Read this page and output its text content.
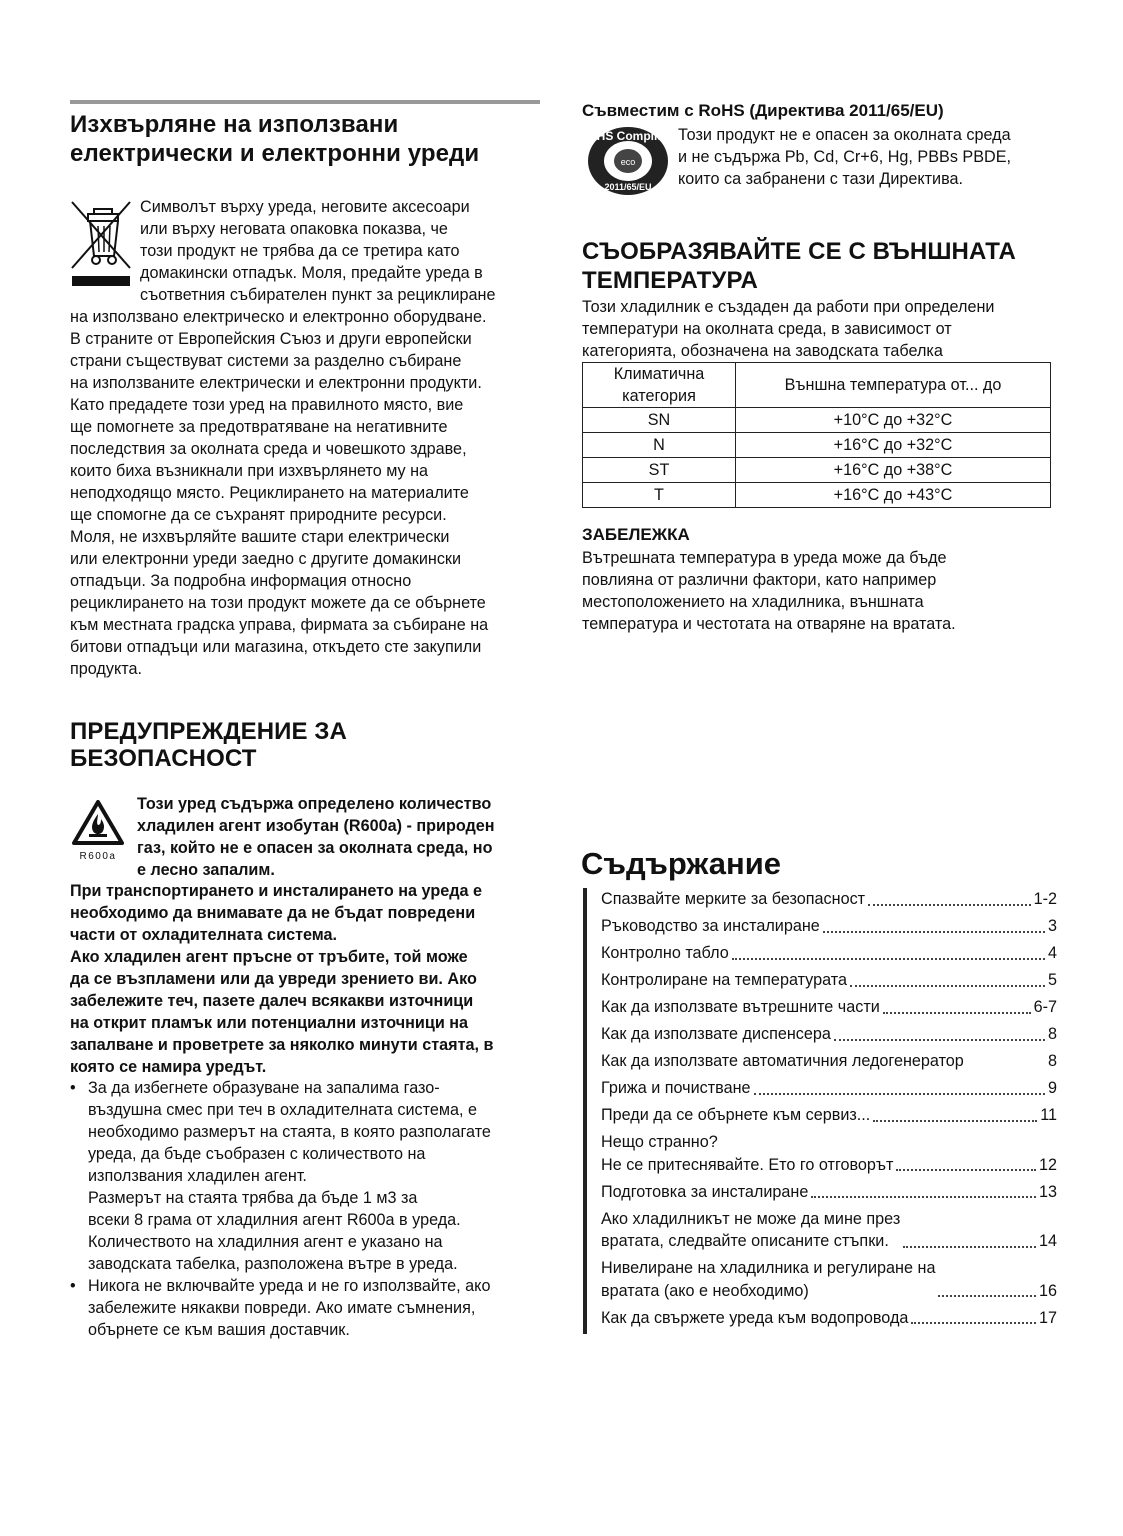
Изхвърляне на използвани
електрически и електронни уреди
Символът върху уреда, неговите аксесоари
или върху неговата опаковка показва, че
този продукт не трябва да се третира като
домакински отпадък. Моля, предайте уреда в
съответния събирателен пункт за рециклиране
на използвано електрическо и електронно оборудване.
В страните от Европейския Съюз и други европейски
страни съществуват системи за разделно събиране
на използваните електрически и електронни продукти.
Като предадете този уред на правилното място, вие
ще помогнете за предотвратяване на негативните
последствия за околната среда и човешкото здраве,
които биха възникнали при изхвърлянето му на
неподходящо място. Рециклирането на материалите
ще спомогне да се съхранят природните ресурси.
Моля, не изхвърляйте вашите стари електрически
или електронни уреди заедно с другите домакински
отпадъци. За подробна информация относно
рециклирането на този продукт можете да се обърнете
към местната градска управа, фирмата за събиране на
битови отпадъци или магазина, откъдето сте закупили
продукта.
ПРЕДУПРЕЖДЕНИЕ ЗА
БЕЗОПАСНОСТ
R600a
Този уред съдържа определено количество
хладилен агент изобутан (R600a) - природен
газ, който не е опасен за околната среда, но
е лесно запалим.
При транспортирането и инсталирането на уреда е
необходимо да внимавате да не бъдат повредени
части от охладителната система.
Ако хладилен агент пръсне от тръбите, той може
да се възпламени или да увреди зрението ви. Ако
забележите теч, пазете далеч всякакви източници
на открит пламък или потенциални източници на
запалване и проветрете за няколко минути стаята, в
която се намира уредът.
• За да избегнете образуване на запалима газо-
въздушна смес при теч в охладителната система, е
необходимо размерът на стаята, в която разполагате
уреда, да бъде съобразен с количеството на
използвания хладилен агент.
Размерът на стаята трябва да бъде 1 м3 за
всеки 8 грама от хладилния агент R600a в уреда.
Количеството на хладилния агент е указано на
заводската табелка, разположена вътре в уреда.
• Никога не включвайте уреда и не го използвайте, ако
забележите някакви повреди. Ако имате съмнения,
обърнете се към вашия доставчик.
Съвместим с RoHS (Директива 2011/65/EU)
RoHS Compliant
eco
2011/65/EU
Този продукт не е опасен за околната среда
и не съдържа Pb, Cd, Cr+6, Hg, PBBs PBDE,
които са забранени с тази Директива.
СЪОБРАЗЯВАЙТЕ СЕ С ВЪНШНАТА
ТЕМПЕРАТУРА
Този хладилник е създаден да работи при определени
температури на околната среда, в зависимост от
категорията, обозначена на заводската табелка
Климатична
категория	Външна температура от... до
SN	+10°C до +32°C
N	+16°C до +32°C
ST	+16°C до +38°C
T	+16°C до +43°C
ЗАБЕЛЕЖКА
Вътрешната температура в уреда може да бъде
повлияна от различни фактори, като например
местоположението на хладилника, външната
температура и честотата на отваряне на вратата.
Съдържание
Спазвайте мерките за безопасност	1-2
Ръководство за инсталиране	3
Контролно табло	4
Контролиране на температурата	5
Как да използвате вътрешните части	6-7
Как да използвате диспенсера	8
Как да използвате автоматичния ледогенератор	8
Грижа и почистване	9
Преди да се обърнете към сервиз...	11
Нещо странно?
Не се притеснявайте. Ето го отговорът	12
Подготовка за инсталиране	13
Ако хладилникът не може да мине през
вратата, следвайте описаните стъпки.	14
Нивелиране на хладилника и регулиране на
вратата (ако е необходимо)	16
Как да свържете уреда към водопровода	17
